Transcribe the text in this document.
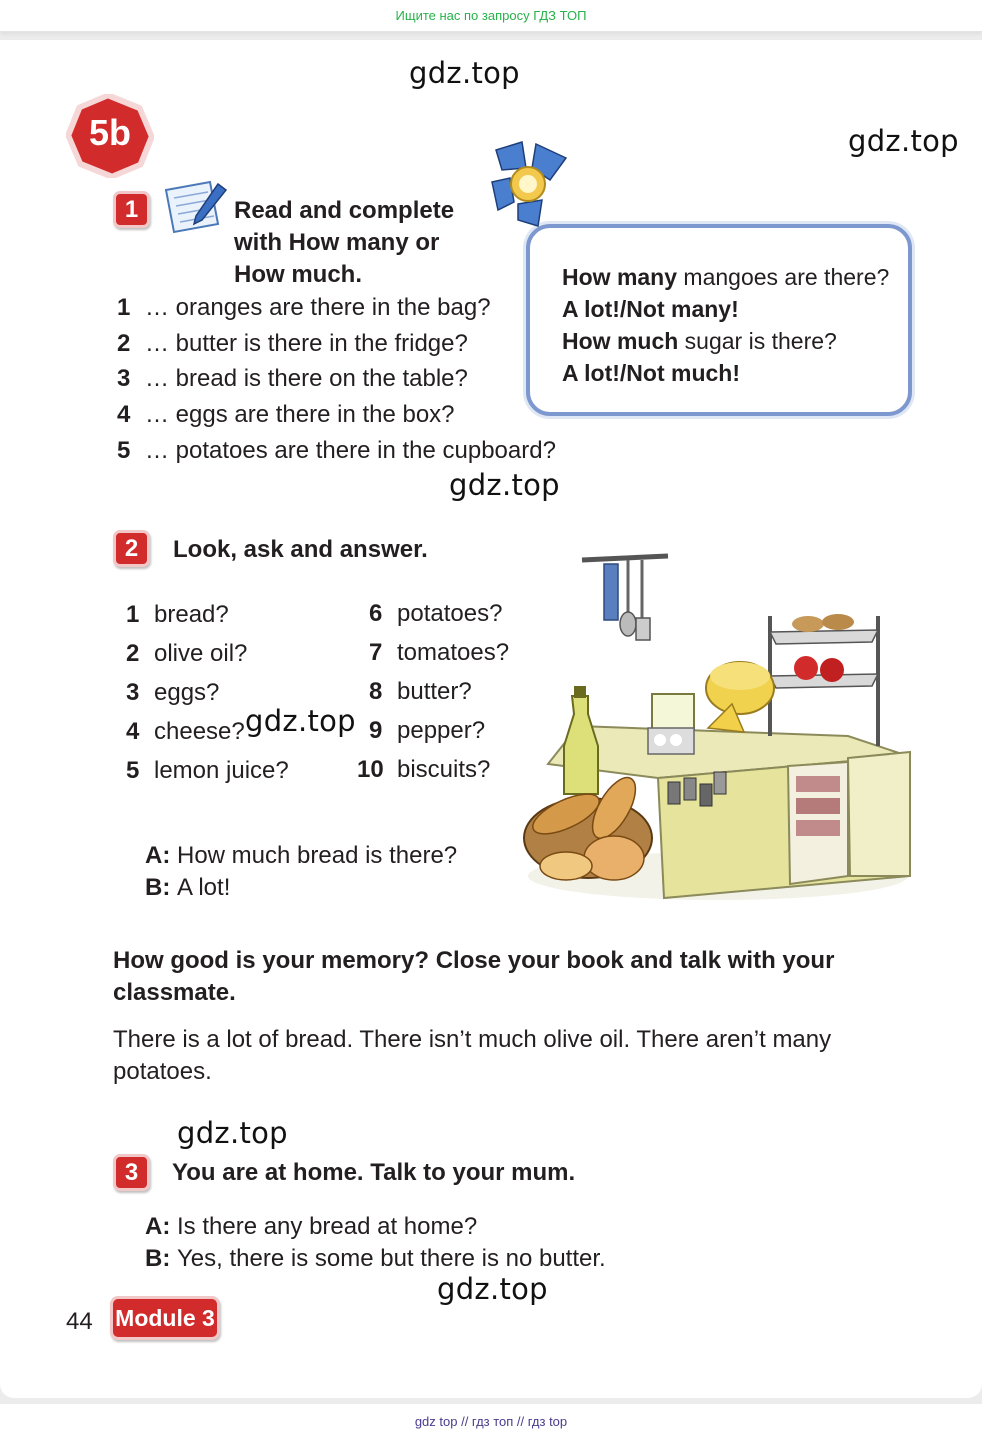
Ищите нас по запросу ГДЗ ТОП
gdz.top
gdz.top
gdz.top
gdz.top
gdz.top
gdz.top
5b
1	Read and complete
with How many or
How much.
1 … oranges are there in the bag?
2 … butter is there in the fridge?
3 … bread is there on the table?
4 … eggs are there in the box?
5 … potatoes are there in the cupboard?
How many mangoes are there?
A lot!/Not many!
How much sugar is there?
A lot!/Not much!
2	Look, ask and answer.
1 bread?
2 olive oil?
3 eggs?
4 cheese?
5 lemon juice?
6 potatoes?
7 tomatoes?
8 butter?
9 pepper?
10 biscuits?
A: How much bread is there?
B: A lot!
How good is your memory? Close your book and talk with your
classmate.
There is a lot of bread. There isn’t much olive oil. There aren’t many
potatoes.
3	You are at home. Talk to your mum.
A: Is there any bread at home?
B: Yes, there is some but there is no butter.
44 Module 3
gdz top // гдз топ // гдз top
